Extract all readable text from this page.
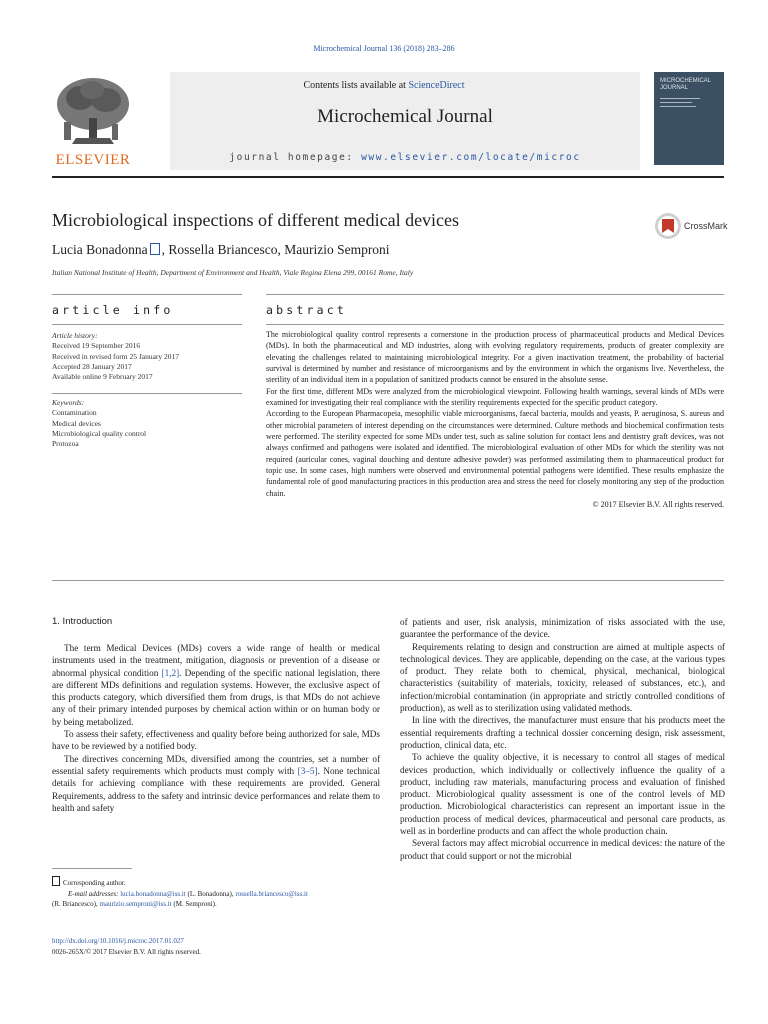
Microchemical Journal 136 (2018) 283–286
Contents lists available at ScienceDirect
Microchemical Journal
journal homepage: www.elsevier.com/locate/microc
ELSEVIER
MICROCHEMICAL JOURNAL
Microbiological inspections of different medical devices	CrossMark
Lucia Bonadonna , Rossella Briancesco, Maurizio Semproni
Italian National Institute of Health, Department of Environment and Health, Viale Regina Elena 299, 00161 Rome, Italy
article info
Article history:
Received 19 September 2016
Received in revised form 25 January 2017
Accepted 28 January 2017
Available online 9 February 2017
Keywords:
Contamination
Medical devices
Microbiological quality control
Protozoa
abstract

The microbiological quality control represents a cornerstone in the production process of pharmaceutical products and Medical Devices (MDs). In both the pharmaceutical and MD industries, along with evolving regulatory requirements, products of greater complexity are elevating the challenges related to maintaining microbiological integrity. For a given inactivation treatment, the probability of bacterial survival is determined by number and resistance of microorganisms and by the environment in which the organisms live. Nevertheless, the sterility of an individual item in a population of sanitized products cannot be ensured in the absolute sense.

For the first time, different MDs were analyzed from the microbiological viewpoint. Following health warnings, several kinds of MDs were examined for investigating their real compliance with the sterility requirements expected for the specific product category.

According to the European Pharmacopeia, mesophilic viable microorganisms, faecal bacteria, moulds and yeasts, P. aeruginosa, S. aureus and other microbial parameters of interest depending on the circumstances were determined. Culture methods and biochemical confirmation tests were performed. The sterility expected for some MDs under test, such as saline solution for contact lens and dentistry graft devices, was not always confirmed and pathogens were isolated and identified. The microbiological evaluation of other MDs for which the sterility was not required (auricular cones, vaginal douching and denture adhesive powder) was performed assimilating them to pharmaceutical product for topic use. In some cases, high numbers were observed and environmental potential pathogens were identified. These results emphasize the fundamental role of good manufacturing practices in this production area and stress the need for closely monitoring any step of the production chain.

© 2017 Elsevier B.V. All rights reserved.

1. Introduction

The term Medical Devices (MDs) covers a wide range of health or medical instruments used in the treatment, mitigation, diagnosis or prevention of a disease or abnormal physical condition [1,2]. Depending of the specific national legislation, there are different MDs definitions and regulation systems. However, the exclusive aspect of this products category, which diversified them from drugs, is that MDs do not achieve any of their primary intended purposes by chemical action within or on human body or by being metabolized.

To assess their safety, effectiveness and quality before being authorized for sale, MDs have to be reviewed by a notified body.

The directives concerning MDs, diversified among the countries, set a number of essential safety requirements which products must comply with [3–5]. None technical details for achieving compliance with these requirements are provided. General Requirements, address to the safety and intrinsic device performances and relate them to health and safety

Corresponding author.
E-mail addresses: lucia.bonadonna@iss.it (L. Bonadonna), rossella.briancesco@iss.it
(R. Briancesco), maurizio.semproni@iss.it (M. Semproni).
http://dx.doi.org/10.1016/j.microc.2017.01.027
0026-265X/© 2017 Elsevier B.V. All rights reserved.

of patients and user, risk analysis, minimization of risks associated with the use, guarantee the performance of the device.

Requirements relating to design and construction are aimed at multiple aspects of technological devices. They are applicable, depending on the case, at the various types of product. They relate both to chemical, physical, mechanical, biological characteristics (suitability of materials, toxicity, released of substances, etc.), and infection/microbial contamination (in appropriate and strictly controlled conditions of production), as well as to sterilization using validated methods.

In line with the directives, the manufacturer must ensure that his products meet the essential requirements drafting a technical dossier concerning design, risk assessment, production, clinical data, etc.

To achieve the quality objective, it is necessary to control all stages of medical devices production, which individually or collectively influence the quality of a product, including raw materials, manufacturing process and evaluation of finished product. Microbiological quality assessment is one of the control levels of MD production. Microbiological characteristics can represent an important issue in the production process of medical devices, pharmaceutical and personal care products, as well as in borderline products and can affect the whole production chain.

Several factors may affect microbial occurrence in medical devices: the nature of the product that could support or not the microbial
